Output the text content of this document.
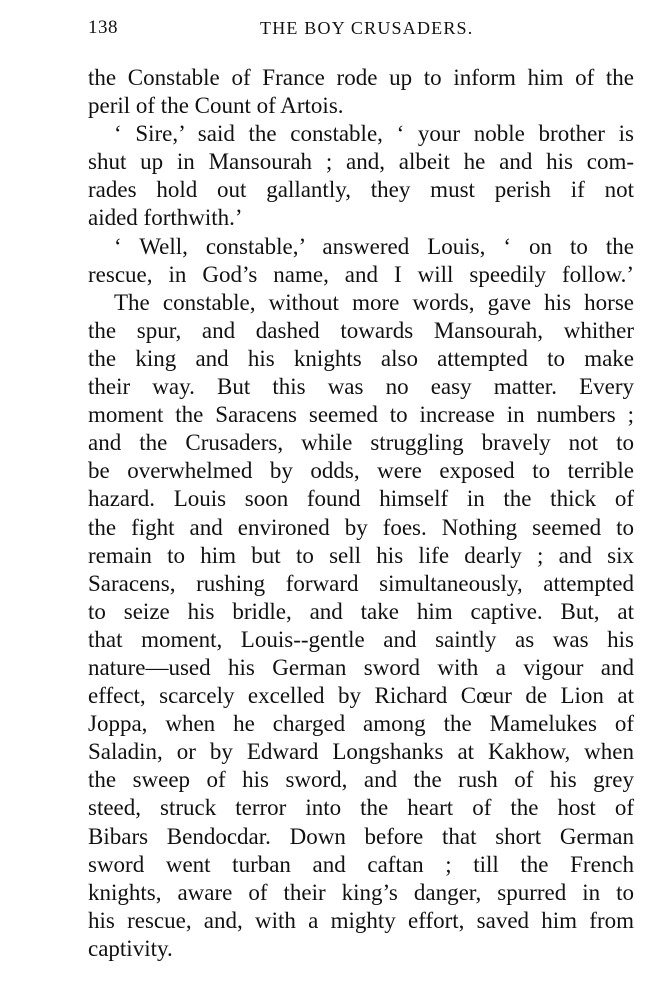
138	THE BOY CRUSADERS.
the Constable of France rode up to inform him of the
peril of the Count of Artois.
‘ Sire,’ said the constable, ‘ your noble brother is
shut up in Mansourah ; and, albeit he and his com-
rades hold out gallantly, they must perish if not
aided forthwith.’
‘ Well, constable,’ answered Louis, ‘ on to the
rescue, in God’s name, and I will speedily follow.’
The constable, without more words, gave his horse
the spur, and dashed towards Mansourah, whither
the king and his knights also attempted to make
their way. But this was no easy matter. Every
moment the Saracens seemed to increase in numbers ;
and the Crusaders, while struggling bravely not to
be overwhelmed by odds, were exposed to terrible
hazard. Louis soon found himself in the thick of
the fight and environed by foes. Nothing seemed to
remain to him but to sell his life dearly ; and six
Saracens, rushing forward simultaneously, attempted
to seize his bridle, and take him captive. But, at
that moment, Louis--gentle and saintly as was his
nature—used his German sword with a vigour and
effect, scarcely excelled by Richard Cœur de Lion at
Joppa, when he charged among the Mamelukes of
Saladin, or by Edward Longshanks at Kakhow, when
the sweep of his sword, and the rush of his grey
steed, struck terror into the heart of the host of
Bibars Bendocdar. Down before that short German
sword went turban and caftan ; till the French
knights, aware of their king’s danger, spurred in to
his rescue, and, with a mighty effort, saved him from
captivity.
